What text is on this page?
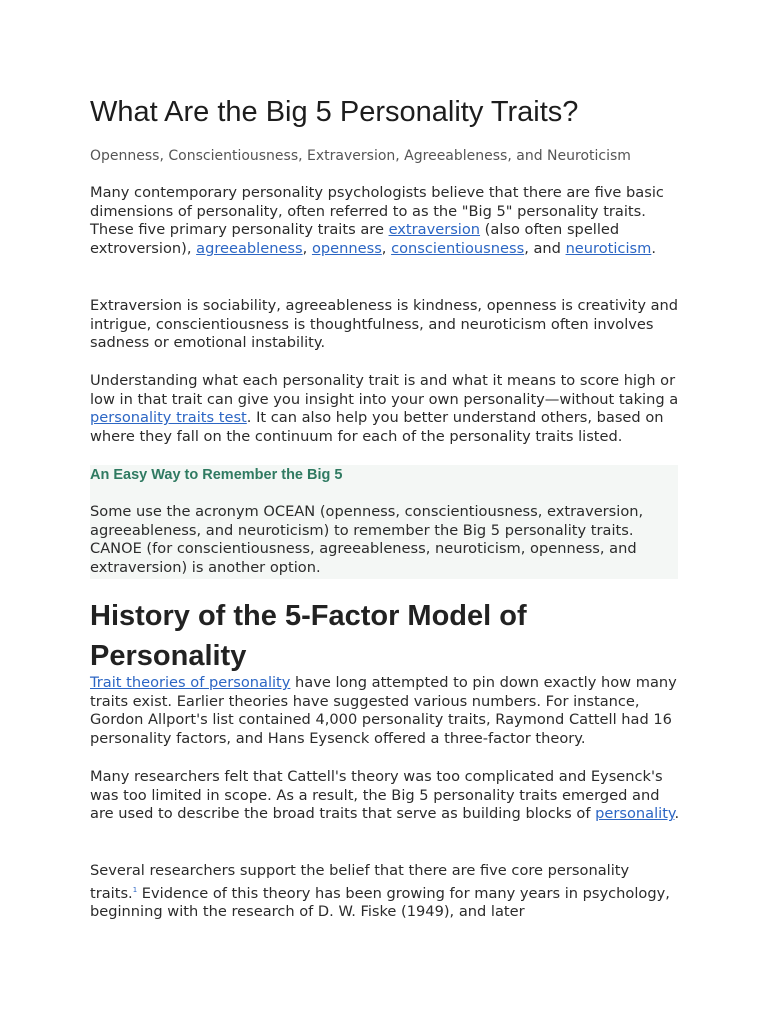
What Are the Big 5 Personality Traits?

Openness, Conscientiousness, Extraversion, Agreeableness, and Neuroticism

Many contemporary personality psychologists believe that there are five basic dimensions of personality, often referred to as the "Big 5" personality traits. These five primary personality traits are extraversion (also often spelled extroversion), agreeableness, openness, conscientiousness, and neuroticism.

Extraversion is sociability, agreeableness is kindness, openness is creativity and intrigue, conscientiousness is thoughtfulness, and neuroticism often involves sadness or emotional instability.

Understanding what each personality trait is and what it means to score high or low in that trait can give you insight into your own personality—without taking a personality traits test. It can also help you better understand others, based on where they fall on the continuum for each of the personality traits listed.

An Easy Way to Remember the Big 5

Some use the acronym OCEAN (openness, conscientiousness, extraversion, agreeableness, and neuroticism) to remember the Big 5 personality traits. CANOE (for conscientiousness, agreeableness, neuroticism, openness, and extraversion) is another option.

History of the 5-Factor Model of Personality

Trait theories of personality have long attempted to pin down exactly how many traits exist. Earlier theories have suggested various numbers. For instance, Gordon Allport's list contained 4,000 personality traits, Raymond Cattell had 16 personality factors, and Hans Eysenck offered a three-factor theory.

Many researchers felt that Cattell's theory was too complicated and Eysenck's was too limited in scope. As a result, the Big 5 personality traits emerged and are used to describe the broad traits that serve as building blocks of personality.

Several researchers support the belief that there are five core personality traits.$^1$ Evidence of this theory has been growing for many years in psychology, beginning with the research of D. W. Fiske (1949), and later
